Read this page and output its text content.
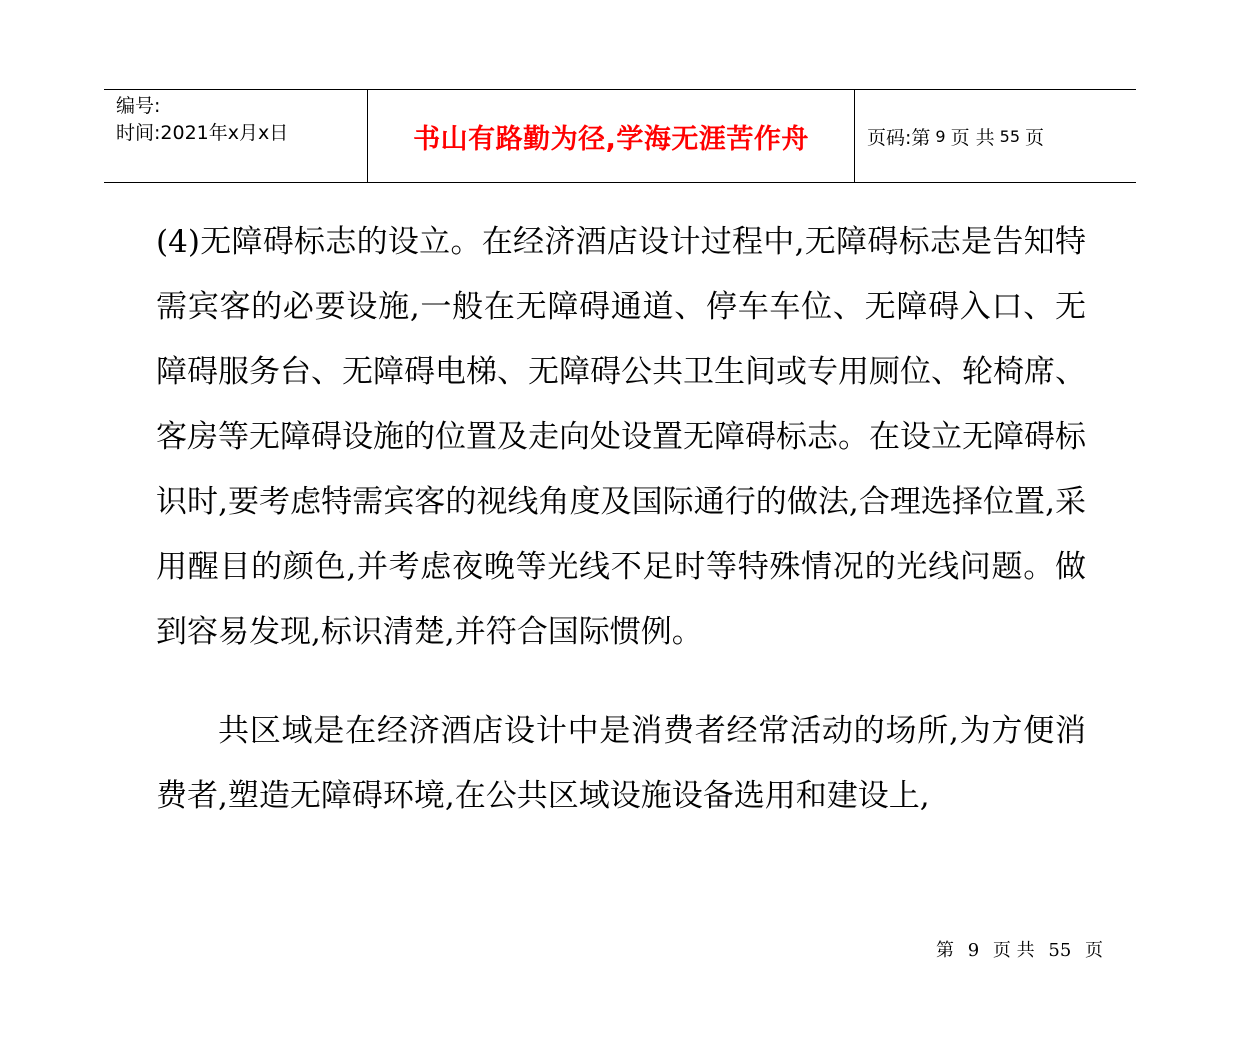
编号:
时间:2021年x月x日	书山有路勤为径,学海无涯苦作舟	页码:第 9 页 共 55 页

(4)无障碍标志的设立。在经济酒店设计过程中,无障碍标志是告知特需宾客的必要设施,一般在无障碍通道、停车车位、无障碍入口、无障碍服务台、无障碍电梯、无障碍公共卫生间或专用厕位、轮椅席、客房等无障碍设施的位置及走向处设置无障碍标志。在设立无障碍标识时,要考虑特需宾客的视线角度及国际通行的做法,合理选择位置,采用醒目的颜色,并考虑夜晚等光线不足时等特殊情况的光线问题。做到容易发现,标识清楚,并符合国际惯例。

共区域是在经济酒店设计中是消费者经常活动的场所,为方便消费者,塑造无障碍环境,在公共区域设施设备选用和建设上,

第 9 页 共 55 页
